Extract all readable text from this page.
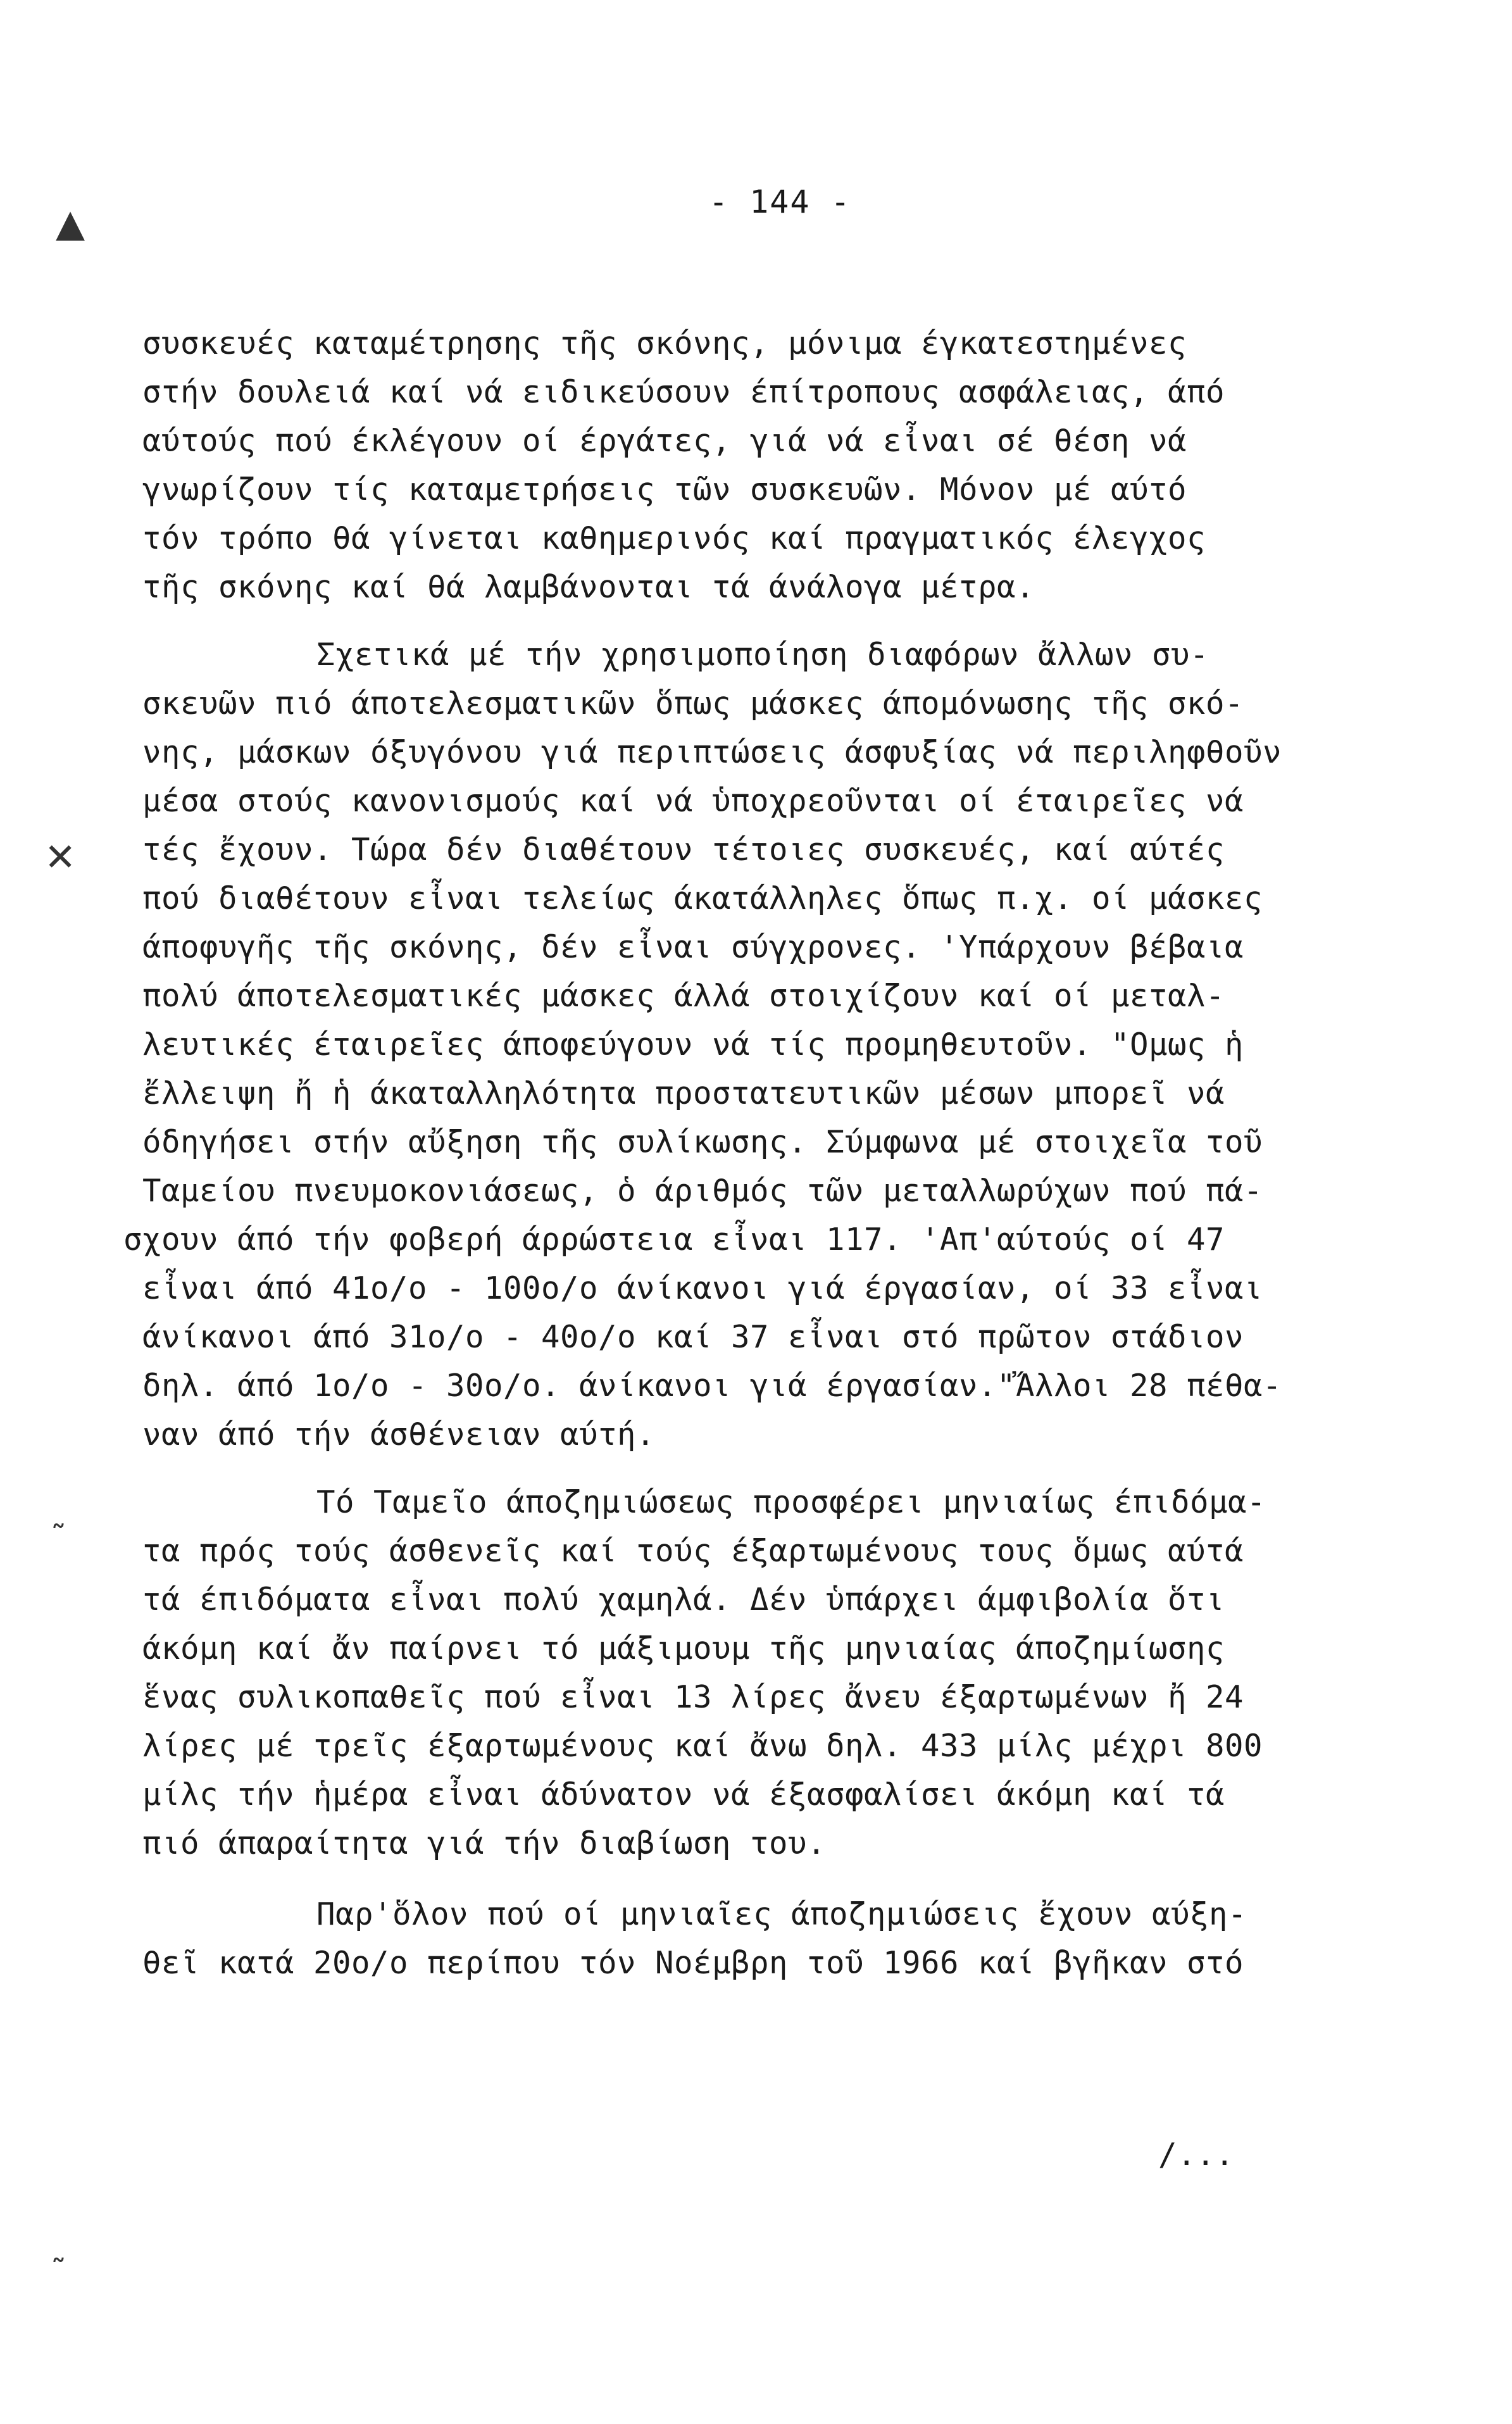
▲
✕
˜
˜
- 144 -
συσκευές καταμέτρησης τῆς σκόνης, μόνιμα έγκατεστημένες
στήν δουλειά καί νά ειδικεύσουν έπίτροπους ασφάλειας, άπό
αύτούς πού έκλέγουν οί έργάτες, γιά νά εἶναι σέ θέση νά
γνωρίζουν τίς καταμετρήσεις τῶν συσκευῶν. Μόνον μέ αύτό
τόν τρόπο θά γίνεται καθημερινός καί πραγματικός έλεγχος
τῆς σκόνης καί θά λαμβάνονται τά άνάλογα μέτρα.
Σχετικά μέ τήν χρησιμοποίηση διαφόρων ἄλλων συ-
σκευῶν πιό άποτελεσματικῶν ὅπως μάσκες άπομόνωσης τῆς σκό-
νης, μάσκων όξυγόνου γιά περιπτώσεις άσφυξίας νά περιληφθοῦν
μέσα στούς κανονισμούς καί νά ὑποχρεοῦνται οί έταιρεῖες νά
τές ἔχουν. Τώρα δέν διαθέτουν τέτοιες συσκευές, καί αύτές
πού διαθέτουν εἶναι τελείως άκατάλληλες ὅπως π.χ. οί μάσκες
άποφυγῆς τῆς σκόνης, δέν εἶναι σύγχρονες. 'Υπάρχουν βέβαια
πολύ άποτελεσματικές μάσκες άλλά στοιχίζουν καί οί μεταλ-
λευτικές έταιρεῖες άποφεύγουν νά τίς προμηθευτοῦν. "Ομως ἡ
ἔλλειψη ἤ ἡ άκαταλληλότητα προστατευτικῶν μέσων μπορεῖ νά
όδηγήσει στήν αὔξηση τῆς συλίκωσης. Σύμφωνα μέ στοιχεῖα τοῦ
Ταμείου πνευμοκονιάσεως, ὁ άριθμός τῶν μεταλλωρύχων πού πά-
σχουν άπό τήν φοβερή άρρώστεια εἶναι 117. 'Απ'αύτούς οί 47
εἶναι άπό 41ο/ο - 100ο/ο άνίκανοι γιά έργασίαν, οί 33 εἶναι
άνίκανοι άπό 31ο/ο - 40ο/ο καί 37 εἶναι στό πρῶτον στάδιον
δηλ. άπό 1ο/ο - 30ο/ο. άνίκανοι γιά έργασίαν."Ἄλλοι 28 πέθα-
ναν άπό τήν άσθένειαν αύτή.
Τό Ταμεῖο άποζημιώσεως προσφέρει μηνιαίως έπιδόμα-
τα πρός τούς άσθενεῖς καί τούς έξαρτωμένους τους ὅμως αύτά
τά έπιδόματα εἶναι πολύ χαμηλά. Δέν ὑπάρχει άμφιβολία ὅτι
άκόμη καί ἄν παίρνει τό μάξιμουμ τῆς μηνιαίας άποζημίωσης
ἕνας συλικοπαθεῖς πού εἶναι 13 λίρες ἄνευ έξαρτωμένων ἤ 24
λίρες μέ τρεῖς έξαρτωμένους καί ἄνω δηλ. 433 μίλς μέχρι 800
μίλς τήν ἡμέρα εἶναι άδύνατον νά έξασφαλίσει άκόμη καί τά
πιό άπαραίτητα γιά τήν διαβίωση του.
Παρ'ὅλον πού οί μηνιαῖες άποζημιώσεις ἔχουν αύξη-
θεῖ κατά 20ο/ο περίπου τόν Νοέμβρη τοῦ 1966 καί βγῆκαν στό
/...
